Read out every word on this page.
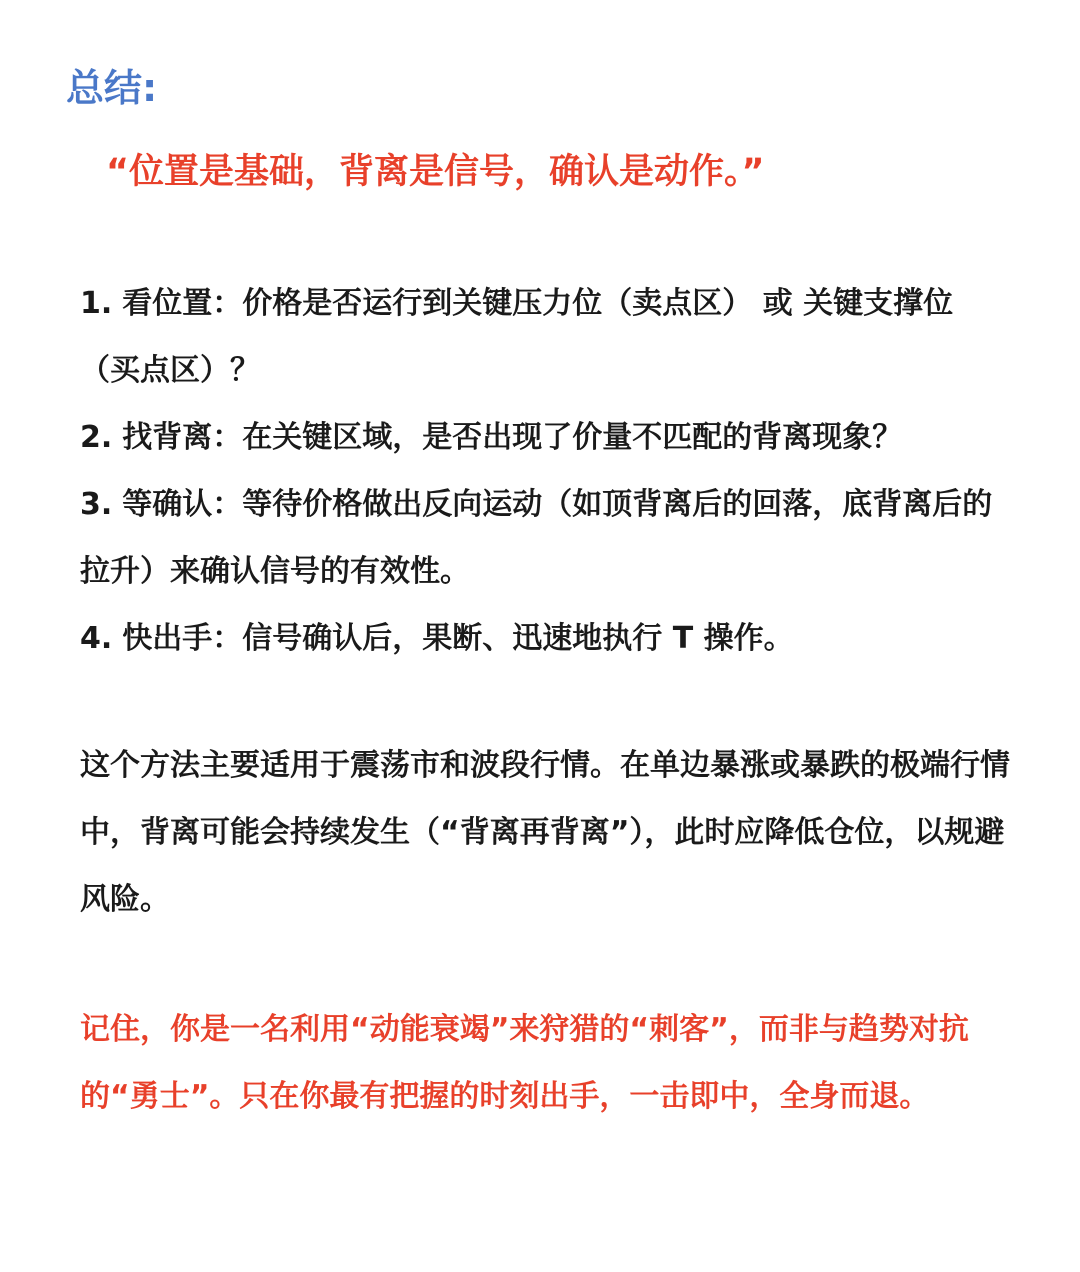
总结:
“位置是基础，背离是信号，确认是动作。”

1. 看位置：价格是否运行到关键压力位（卖点区） 或 关键支撑位（买点区）？

2. 找背离：在关键区域，是否出现了价量不匹配的背离现象？

3. 等确认：等待价格做出反向运动（如顶背离后的回落，底背离后的拉升）来确认信号的有效性。

4. 快出手：信号确认后，果断、迅速地执行 T 操作。

这个方法主要适用于震荡市和波段行情。在单边暴涨或暴跌的极端行情中，背离可能会持续发生（“背离再背离”），此时应降低仓位，以规避风险。

记住，你是一名利用“动能衰竭”来狩猎的“刺客”，而非与趋势对抗的“勇士”。只在你最有把握的时刻出手，一击即中，全身而退。
